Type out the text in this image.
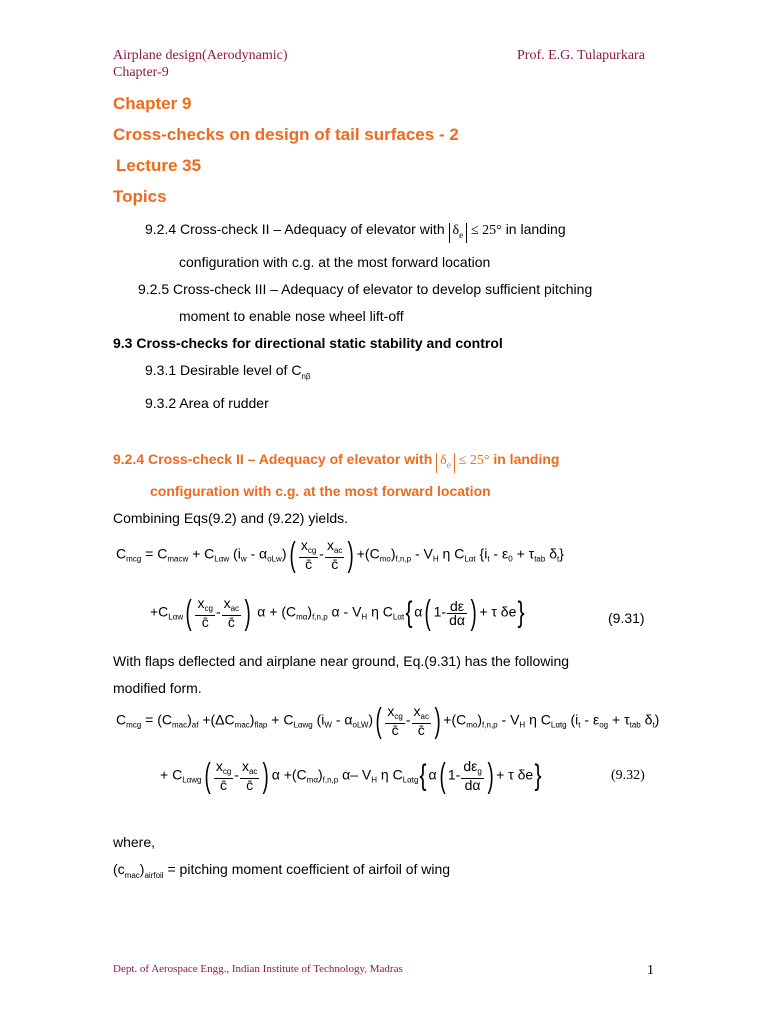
Airplane design(Aerodynamic)	Prof. E.G. Tulapurkara
Chapter-9
Chapter 9
Cross-checks on design of tail surfaces - 2
Lecture 35
Topics
9.2.4 Cross-check II – Adequacy of elevator with $\delta_e \le 25^\circ$ in landing
configuration with c.g. at the most forward location
9.2.5 Cross-check III – Adequacy of elevator to develop sufficient pitching
moment to enable nose wheel lift-off
9.3 Cross-checks for directional static stability and control
9.3.1 Desirable level of $C_{n\beta}$
9.3.2 Area of rudder
9.2.4 Cross-check II – Adequacy of elevator with $\delta_e \le 25^\circ$ in landing
configuration with c.g. at the most forward location
Combining Eqs(9.2) and (9.22) yields.
$C_{mcg} = C_{macw} + C_{L\alpha w}$ $(i_w - \alpha_{oLw})( \frac{x_{cg}}{c̄} - \frac{x_{ac}}{c̄}$ ) $+(C_{mo})_{f,n,p} - V_H$ η $C_{L\alpha t}$ {$i_t - \varepsilon_0 + \tau_{tab}$ $\delta_t$}
$+C_{L\alpha w}( \frac{x_{cg}}{c̄} - \frac{x_{ac}}{c̄}$ ) $\alpha + (C_{m\alpha})_{f,n,p}$ α - $V_H$ η $C_{L\alpha t}${ α( $1- \frac{d\varepsilon}{d\alpha}$ ) + τ δe}	(9.31)
With flaps deflected and airplane near ground, Eq.(9.31) has the following
modified form.
$C_{mcg} = (C_{mac})_{af} +(\Delta C_{mac})_{flap} + C_{L\alpha wg}$ $(i_W - \alpha_{oLW})( \frac{x_{cg}}{c̄} - \frac{x_{ac}}{c̄}$ ) $+(C_{mo})_{f,n,p} - V_H$ η $C_{L\alpha tg}$ ($i_t - \varepsilon_{og} + \tau_{tab}$ $\delta_t$)
+ $C_{L\alpha wg}( \frac{x_{cg}}{c̄} - \frac{x_{ac}}{c̄}$ ) $\alpha +(C_{m\alpha})_{f,n,p}$ α– $V_H$ η $C_{L\alpha tg}${ α( $1- \frac{d\varepsilon_g}{d\alpha}$ ) + τ δe}	(9.32)
where,
$(c_{mac})_{airfoil}$ = pitching moment coefficient of airfoil of wing
Dept. of Aerospace Engg., Indian Institute of Technology, Madras	1
